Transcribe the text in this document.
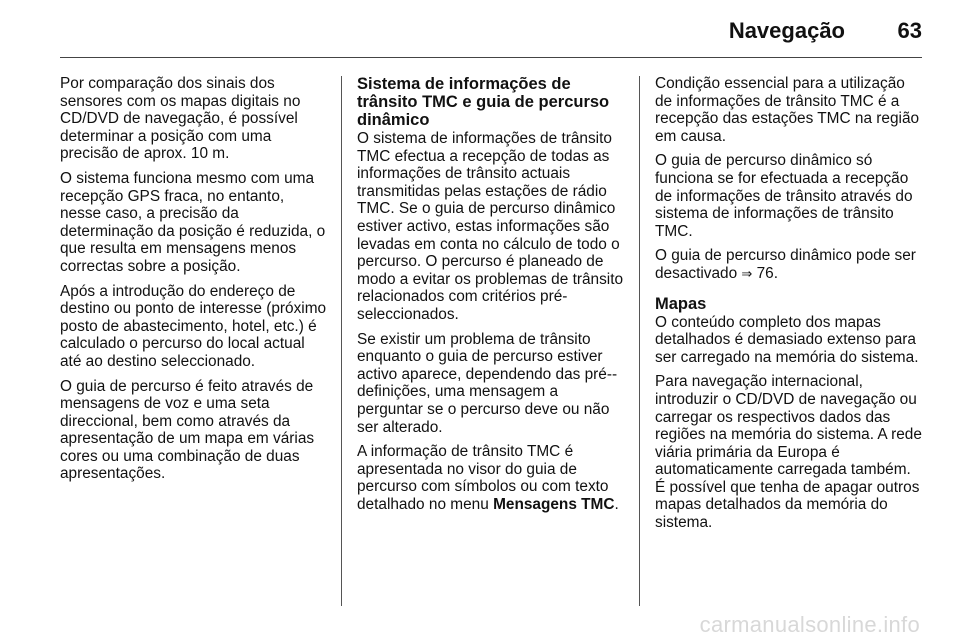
Navegação 63

Por comparação dos sinais dos sensores com os mapas digitais no CD/DVD de navegação, é possível determinar a posição com uma precisão de aprox. 10 m.

O sistema funciona mesmo com uma recepção GPS fraca, no entanto, nesse caso, a precisão da determinação da posição é reduzida, o que resulta em mensagens menos correctas sobre a posição.

Após a introdução do endereço de destino ou ponto de interesse (próximo posto de abastecimento, hotel, etc.) é calculado o percurso do local actual até ao destino seleccionado.

O guia de percurso é feito através de mensagens de voz e uma seta direccional, bem como através da apresentação de um mapa em várias cores ou uma combinação de duas apresentações.

Sistema de informações de trânsito TMC e guia de percurso dinâmico

O sistema de informações de trânsito TMC efectua a recepção de todas as informações de trânsito actuais transmitidas pelas estações de rádio TMC. Se o guia de percurso dinâmico estiver activo, estas informações são levadas em conta no cálculo de todo o percurso. O percurso é planeado de modo a evitar os problemas de trânsito relacionados com critérios pré-seleccionados.

Se existir um problema de trânsito enquanto o guia de percurso estiver activo aparece, dependendo das pré--definições, uma mensagem a perguntar se o percurso deve ou não ser alterado.

A informação de trânsito TMC é apresentada no visor do guia de percurso com símbolos ou com texto detalhado no menu Mensagens TMC.

Condição essencial para a utilização de informações de trânsito TMC é a recepção das estações TMC na região em causa.

O guia de percurso dinâmico só funciona se for efectuada a recepção de informações de trânsito através do sistema de informações de trânsito TMC.

O guia de percurso dinâmico pode ser desactivado ⇒ 76.

Mapas

O conteúdo completo dos mapas detalhados é demasiado extenso para ser carregado na memória do sistema.

Para navegação internacional, introduzir o CD/DVD de navegação ou carregar os respectivos dados das regiões na memória do sistema. A rede viária primária da Europa é automaticamente carregada também. É possível que tenha de apagar outros mapas detalhados da memória do sistema.

carmanualsonline.info
